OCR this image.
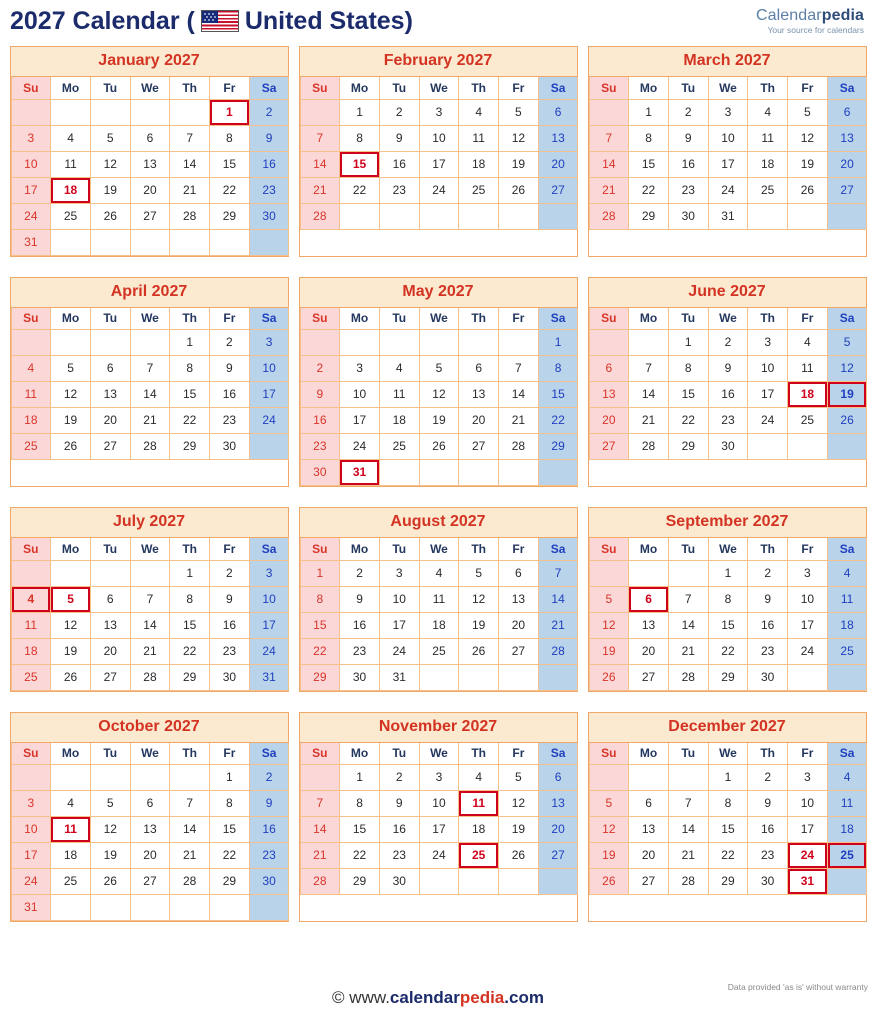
2027 Calendar ( United States)	Calendarpedia
Your source for calendars
January 2027
Su	Mo	Tu	We	Th	Fr	Sa

					1	2

3	4	5	6	7	8	9

10	11	12	13	14	15	16

17	18	19	20	21	22	23

24	25	26	27	28	29	30

31						

February 2027
Su	Mo	Tu	We	Th	Fr	Sa

	1	2	3	4	5	6

7	8	9	10	11	12	13

14	15	16	17	18	19	20

21	22	23	24	25	26	27

28						

March 2027
Su	Mo	Tu	We	Th	Fr	Sa

	1	2	3	4	5	6

7	8	9	10	11	12	13

14	15	16	17	18	19	20

21	22	23	24	25	26	27

28	29	30	31			

April 2027
Su	Mo	Tu	We	Th	Fr	Sa

				1	2	3

4	5	6	7	8	9	10

11	12	13	14	15	16	17

18	19	20	21	22	23	24

25	26	27	28	29	30	

May 2027
Su	Mo	Tu	We	Th	Fr	Sa

						1

2	3	4	5	6	7	8

9	10	11	12	13	14	15

16	17	18	19	20	21	22

23	24	25	26	27	28	29

30	31					

June 2027
Su	Mo	Tu	We	Th	Fr	Sa

		1	2	3	4	5

6	7	8	9	10	11	12

13	14	15	16	17	18	19

20	21	22	23	24	25	26

27	28	29	30			

July 2027
Su	Mo	Tu	We	Th	Fr	Sa

				1	2	3

4	5	6	7	8	9	10

11	12	13	14	15	16	17

18	19	20	21	22	23	24

25	26	27	28	29	30	31
August 2027
Su	Mo	Tu	We	Th	Fr	Sa

1	2	3	4	5	6	7

8	9	10	11	12	13	14

15	16	17	18	19	20	21

22	23	24	25	26	27	28

29	30	31				

September 2027
Su	Mo	Tu	We	Th	Fr	Sa

			1	2	3	4

5	6	7	8	9	10	11

12	13	14	15	16	17	18

19	20	21	22	23	24	25

26	27	28	29	30		

October 2027
Su	Mo	Tu	We	Th	Fr	Sa

					1	2

3	4	5	6	7	8	9

10	11	12	13	14	15	16

17	18	19	20	21	22	23

24	25	26	27	28	29	30

31						

November 2027
Su	Mo	Tu	We	Th	Fr	Sa

	1	2	3	4	5	6

7	8	9	10	11	12	13

14	15	16	17	18	19	20

21	22	23	24	25	26	27

28	29	30				

December 2027
Su	Mo	Tu	We	Th	Fr	Sa

			1	2	3	4

5	6	7	8	9	10	11

12	13	14	15	16	17	18

19	20	21	22	23	24	25

26	27	28	29	30	31	

Data provided 'as is' without warranty
© www.calendarpedia.com
